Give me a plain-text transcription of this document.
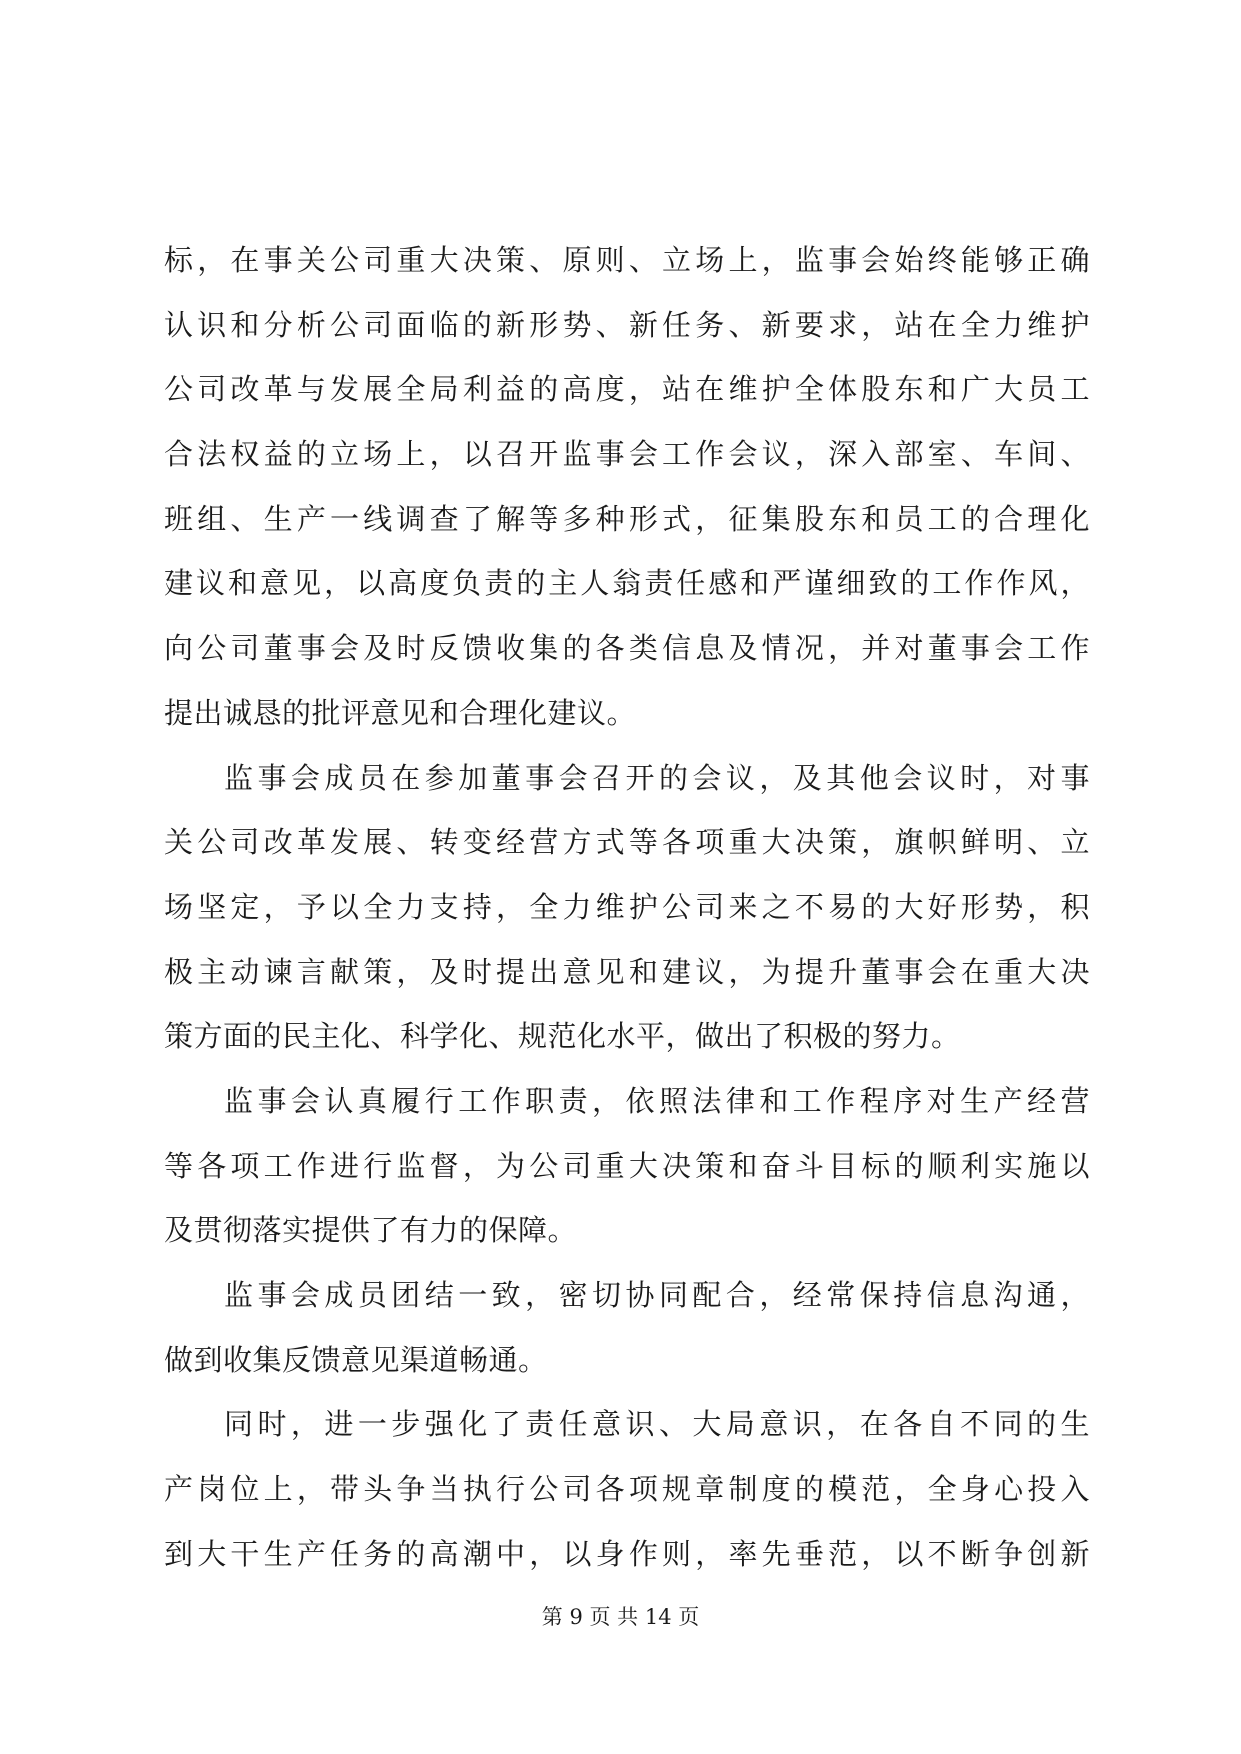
标，在事关公司重大决策、原则、立场上，监事会始终能够正确
认识和分析公司面临的新形势、新任务、新要求，站在全力维护
公司改革与发展全局利益的高度，站在维护全体股东和广大员工
合法权益的立场上，以召开监事会工作会议，深入部室、车间、
班组、生产一线调查了解等多种形式，征集股东和员工的合理化
建议和意见，以高度负责的主人翁责任感和严谨细致的工作作风，
向公司董事会及时反馈收集的各类信息及情况，并对董事会工作
提出诚恳的批评意见和合理化建议。
监事会成员在参加董事会召开的会议，及其他会议时，对事
关公司改革发展、转变经营方式等各项重大决策，旗帜鲜明、立
场坚定，予以全力支持，全力维护公司来之不易的大好形势，积
极主动谏言献策，及时提出意见和建议，为提升董事会在重大决
策方面的民主化、科学化、规范化水平，做出了积极的努力。
监事会认真履行工作职责，依照法律和工作程序对生产经营
等各项工作进行监督，为公司重大决策和奋斗目标的顺利实施以
及贯彻落实提供了有力的保障。
监事会成员团结一致，密切协同配合，经常保持信息沟通，
做到收集反馈意见渠道畅通。
同时，进一步强化了责任意识、大局意识，在各自不同的生
产岗位上，带头争当执行公司各项规章制度的模范，全身心投入
到大干生产任务的高潮中，以身作则，率先垂范，以不断争创新
第 9 页 共 14 页
